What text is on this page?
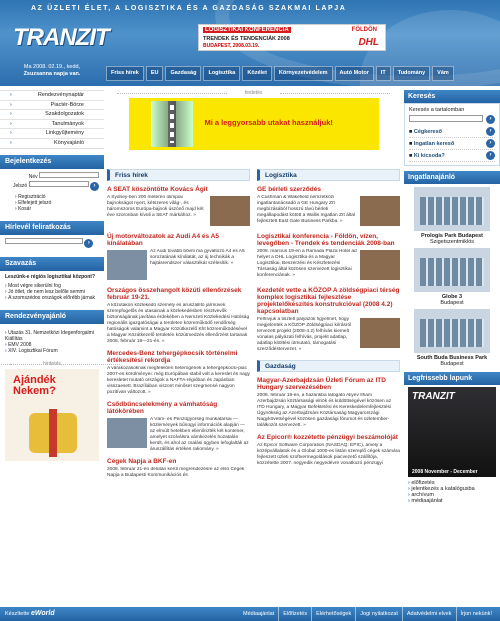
AZ ÜZLETI ÉLET, A LOGISZTIKA ÉS A GAZDASÁG SZAKMAI LAPJA
TRANZIT	LOGISZTIKAI KONFERENCIA
TRENDEK ÉS TENDENCIÁK 2008
BUDAPEST, 2008.03.19.
FÖLDÖN
DHL
Ma 2008. 02.19., kedd,
Zsuzsanna napja van.	Friss hírek	EU	Gazdaság	Logisztika	Közélet	Környezetvédelem	Autó Motor	IT	Tudomány	Vám
› Rendezvénynaptár
› Piactér-Börze
› Szakdolgozatok
› Tanulmányok
› Linkgyűjtemény
› Könyvajánló
Bejelentkezés
Név
Jelszó	›
› Regisztráció
› Elfelejett jelszó
› Kosár
Hírlevél feliratkozás
›
Szavazás
Leszünk-e régiós logisztikai központ?
› Most végre sikerülni fog
› Jó ötlet, de nem lesz belőle semmi
› A szomszédos országok előrébb járnak
Rendezvényajánló
› Utazás 31. Nemzetközi Idegenforgalmi Kiállítás
› EMV 2008
› XIV. Logisztikai Fórum
hirdetés
Ajándék Nekem?
hirdetés
Mi a leggyorsabb utakat használjuk!
Friss hírek
A SEAT köszöntötte Kovács Ágit

A Sydney-ben 200 méteren olimpiai bajnokságot nyert, kétszeres világ-, és háromszoros Európa-bajnok úszónő majd két éve szoronban kívüli a SEAT márkához. »

Új motorváltozatok az Audi A4 és A5 kínálatában

Az Audi tovább bővíti ma gyváltozó A4 és A5 sorozatának kínálatát, az új technikák a hajtásrendszer választékát szélesítik. »

Országos összehangolt közúti ellenőrzések február 19-21.

A közutakon közlekedő személy és áruszállító járművek szerepfogelős és utasainak a közlekedésben résztvevők biztonságának javítása érdekében a Nemzeti Közlekedési Hatóság regionális igazgatóságai a területen közreműködő rendőrség hatóságok valamint a Magyar Közútkezelő Kht közreműködésével a Magyar Közútkezelő területén közútmedzés ellenőrzést tartanak 2008. február 19—21-én. »

Mercedes-Benz tehergépkocsik történelmi értékesítési rekordja

A várakozásoknak megfelelően heterogének a tehergépkocsi-piac 2007-es körülményei: még Európában stabil volt a kereslet és nagy keresletet mutató országok a NAFTA-régióban és Japánban visszaesett. Brazíliában viszont minőset szegmensé nagyon pozitívan változott. »

Csődbűncselekmény a vámhatóság látókörében

A Vám- és Pénzügyőrség munkatársai — közlemények bűnügyi információk alapján — az elmúlt hetekben ellenőrizték két kontener, amelyet szolválsra vámkezelés hozatalán került, és ahol az csalási ügyben lefoglalták az áruszállítás értékes rakomány. »

Cégek Napja a BKF-en

2008. február 21-én délután kerül megrendezésre az első Cégek Napja a Budapesti Kommunikációs és

Logisztika
GE bérleti szerződés

A Cushman & Wakefield nemzetközi ingatlantanácsadó a GE Hungary Zrt megbízásából hosszú távú bérleti megállapodást kötött a Wallis Ingatlan Zrt által fejlesztett East Gate Business Parkba. »

Logisztikai konferencia - Földön, vízen, levegőben - Trendek és tendenciák 2008-ban

2008. március 19-én a Ramada Plaza Hotel ad helyet a DHL Logisztika és a Magyar Logisztikai, Beszerzési és Készletezési Társaság által közösen szervezett logisztikai konferenciának. »

Kezdetét vette a KÖZOP A zöldségpiaci térség komplex logisztikai fejlesztése projektelőkészítés konstrukcióval (2008 4.2) kapcsolatban

Felhívjuk a tisztelt pályázók figyelmét, hogy megjelentek a KÖZOP Zöldségpiaci kiírásról tervezett projekt (2008-4.2) felhívás kiemelt vonalas pályázati felhívás, projekt adatlap, adatlap kitöltési útmutató, támogatási szerződéstervezet. »

Gazdaság
Magyar-Azerbajdzsán Üzleti Fórum az ITD Hungary szervezésében

2008. február 19-én, a hazánkba látogató Aliyev Ilham Azerbajdzsán köztársasági elnök és küldöttségével közösen az ITD Hungary, a Magyar Befektetési és Kereskedelemfejlesztési Ügynökség az Azerbajdzsáni Köztársaság Magyarországi Nagykövetségével közösen gazdasági fórumot és üzletember-találkozót szervezett. »

Az Epicor® kozzétette pénzügyi beszámolóját

Az Epicor Software Corporation (NASDAQ: EPIC), amely a középvállalatok és a Global 1000-es listán szereplő cégek számára fejleszett üzleti szoftvermegoldások piacvezető szállítója, közzétette 2007. negyedik negyedévre vonatkozó pénzügyi

Keresés
Keresés a tartalomban
›
■ Cégkereső	›
■ Ingatlan kereső	›
■ Ki kicsoda?	›
Ingatlanajánló
Prologis Park Budapest
Szigetszentmiklós
Globe 3
Budapest
South Buda Business Park
Budapest
Legfrissebb lapunk
TRANZIT
2008 November - December
› előfizetés
› jelentkezés a katalógusba
› archívum
› médiaajánlat
Készítette eWorld	Médiaajánlat	Előfizetés	Elérhetőségek	Jogi nyilatkozat	Adatvédelmi elvek	Írjon nekünk!
